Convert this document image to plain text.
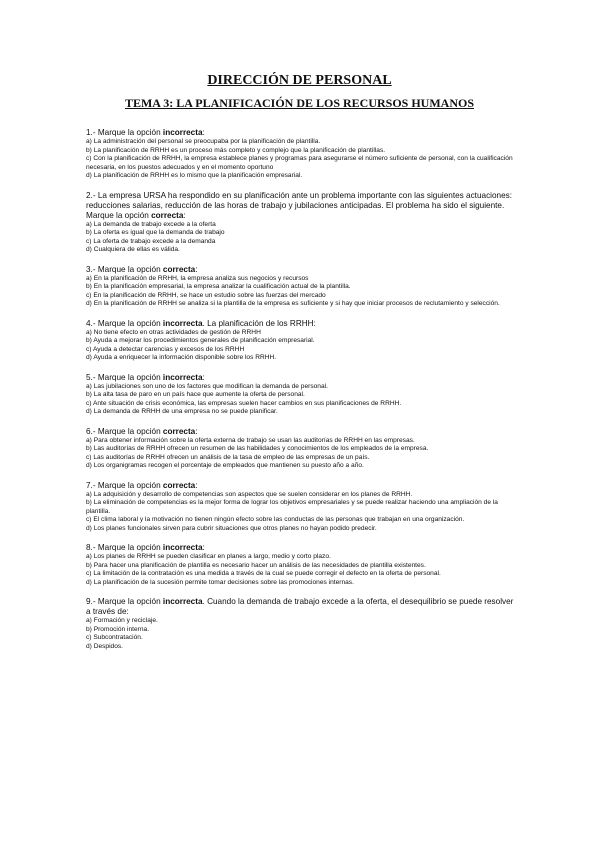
DIRECCIÓN DE PERSONAL
TEMA 3: LA PLANIFICACIÓN DE LOS RECURSOS HUMANOS
1.- Marque la opción incorrecta:
a) La administración del personal se preocupaba por la planificación de plantilla.
b) La planificación de RRHH es un proceso más completo y complejo que la planificación de plantillas.
c) Con la planificación de RRHH, la empresa establece planes y programas para asegurarse el número suficiente de personal, con la cualificación necesaria, en los puestos adecuados y en el momento oportuno
d) La planificación de RRHH es lo mismo que la planificación empresarial.
2.- La empresa URSA ha respondido en su planificación ante un problema importante con las siguientes actuaciones: reducciones salarias, reducción de las horas de trabajo y jubilaciones anticipadas. El problema ha sido el siguiente. Marque la opción correcta:
a) La demanda de trabajo excede a la oferta
b) La oferta es igual que la demanda de trabajo
c) La oferta de trabajo excede a la demanda
d) Cualquiera de ellas es válida.
3.- Marque la opción correcta:
a) En la planificación de RRHH, la empresa analiza sus negocios y recursos
b) En la planificación empresarial, la empresa analizar la cualificación actual de la plantilla.
c) En la planificación de RRHH, se hace un estudio sobre las fuerzas del mercado
d) En la planificación de RRHH se analiza si la plantilla de la empresa es suficiente y si hay que iniciar procesos de reclutamiento y selección.
4.- Marque la opción incorrecta. La planificación de los RRHH:
a) No tiene efecto en otras actividades de gestión de RRHH
b) Ayuda a mejorar los procedimientos generales de planificación empresarial.
c) Ayuda a detectar carencias y excesos de los RRHH
d) Ayuda a enriquecer la información disponible sobre los RRHH.
5.- Marque la opción incorrecta:
a) Las jubilaciones son uno de los factores que modifican la demanda de personal.
b) La alta tasa de paro en un país hace que aumente la oferta de personal.
c) Ante situación de crisis económica, las empresas suelen hacer cambios en sus planificaciones de RRHH.
d) La demanda de RRHH de una empresa no se puede planificar.
6.- Marque la opción correcta:
a) Para obtener información sobre la oferta externa de trabajo se usan las auditorías de RRHH en las empresas.
b) Las auditorías de RRHH ofrecen un resumen de las habilidades y conocimientos de los empleados de la empresa.
c) Las auditorías de RRHH ofrecen un análisis de la tasa de empleo de las empresas de un país.
d) Los organigramas recogen el porcentaje de empleados que mantienen su puesto año a año.
7.- Marque la opción correcta:
a) La adquisición y desarrollo de competencias son aspectos que se suelen considerar en los planes de RRHH.
b) La eliminación de competencias es la mejor forma de lograr los objetivos empresariales y se puede realizar haciendo una ampliación de la plantilla.
c) El clima laboral y la motivación no tienen ningún efecto sobre las conductas de las personas que trabajan en una organización.
d) Los planes funcionales sirven para cubrir situaciones que otros planes no hayan podido predecir.
8.- Marque la opción incorrecta:
a) Los planes de RRHH se pueden clasificar en planes a largo, medio y corto plazo.
b) Para hacer una planificación de plantilla es necesario hacer un análisis de las necesidades de plantilla existentes.
c) La limitación de la contratación es una medida a través de la cual se puede corregir el defecto en la oferta de personal.
d) La planificación de la sucesión permite tomar decisiones sobre las promociones internas.
9.- Marque la opción incorrecta. Cuando la demanda de trabajo excede a la oferta, el desequilibrio se puede resolver a través de:
a) Formación y reciclaje.
b) Promoción interna.
c) Subcontratación.
d) Despidos.
